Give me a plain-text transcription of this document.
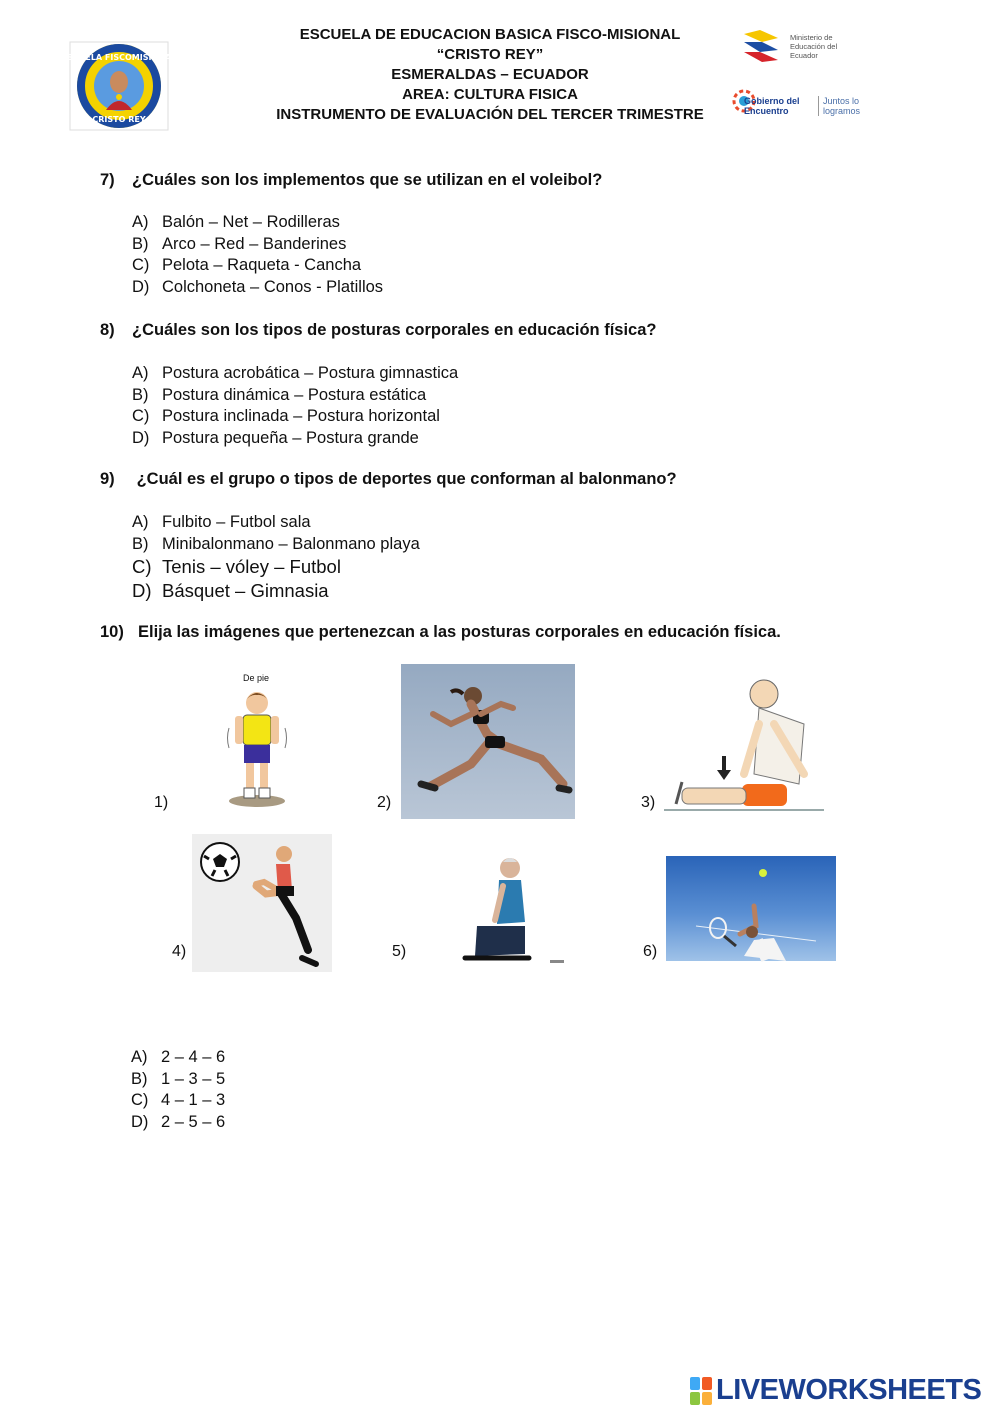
ESCUELA FISCOMISIONAL
CRISTO REY
ESCUELA DE EDUCACION BASICA FISCO-MISIONAL
“CRISTO REY”
ESMERALDAS – ECUADOR
AREA: CULTURA FISICA
INSTRUMENTO DE EVALUACIÓN DEL TERCER TRIMESTRE
Ministerio de Educación del Ecuador
Gobierno del Encuentro
Juntos lo logramos
7) ¿Cuáles son los implementos que se utilizan en el voleibol?
A) Balón – Net – Rodilleras
B) Arco – Red – Banderines
C) Pelota – Raqueta - Cancha
D) Colchoneta – Conos - Platillos
8) ¿Cuáles son los tipos de posturas corporales en educación física?
A) Postura acrobática – Postura gimnastica
B) Postura dinámica – Postura estática
C) Postura inclinada – Postura horizontal
D) Postura pequeña – Postura grande
9) ¿Cuál es el grupo o tipos de deportes que conforman al balonmano?
A) Fulbito – Futbol sala
B) Minibalonmano – Balonmano playa
C) Tenis – vóley – Futbol
D) Básquet – Gimnasia
10) Elija las imágenes que pertenezcan a las posturas corporales en educación física.
1)
De pie
2)	3)
4)	5)	6)
A) 2 – 4 – 6
B) 1 – 3 – 5
C) 4 – 1 – 3
D) 2 – 5 – 6
LIVEWORKSHEETS
